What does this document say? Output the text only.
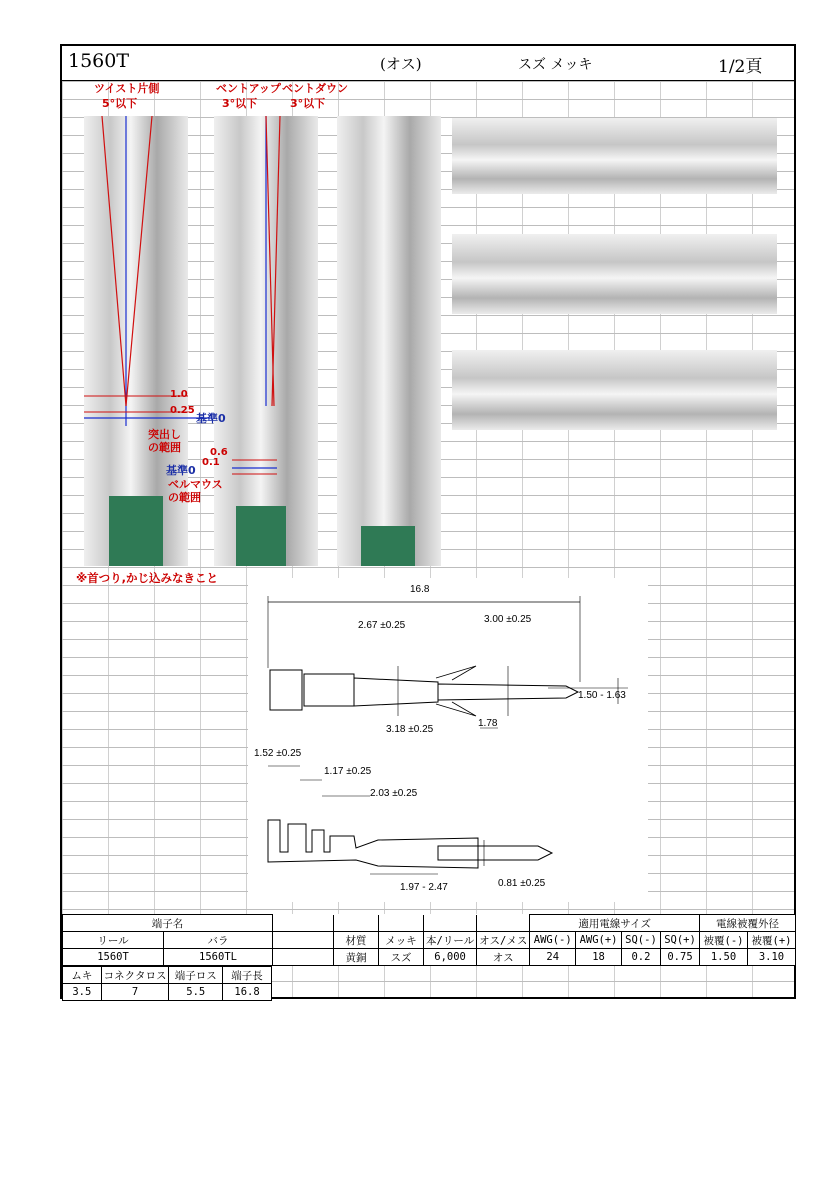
1560T	(オス)	スズ メッキ	1/2頁
ツイスト片側
5°以下
ベントアップ
3°以下
ベントダウン
3°以下
1.0
0.25
基準0
突出しの範囲	0.6
0.1
基準0
ベルマウスの範囲
※首つり,かじ込みなきこと
16.8
2.67 ±0.25
3.00 ±0.25
1.50 - 1.63
1.78
3.18 ±0.25
1.52 ±0.25
1.17 ±0.25
2.03 ±0.25
1.97 - 2.47	0.81 ±0.25
端子名							適用電線サイズ				電線被覆外径	
リール	バラ		材質	メッキ	本/リール	オス/メス	AWG(-)	AWG(+)	SQ(-)	SQ(+)	被覆(-)	被覆(+)
1560T	1560TL		黄銅	スズ	6,000	オス	24	18	0.2	0.75	1.50	3.10
ムキ	コネクタロス	端子ロス	端子長
3.5	7	5.5	16.8
